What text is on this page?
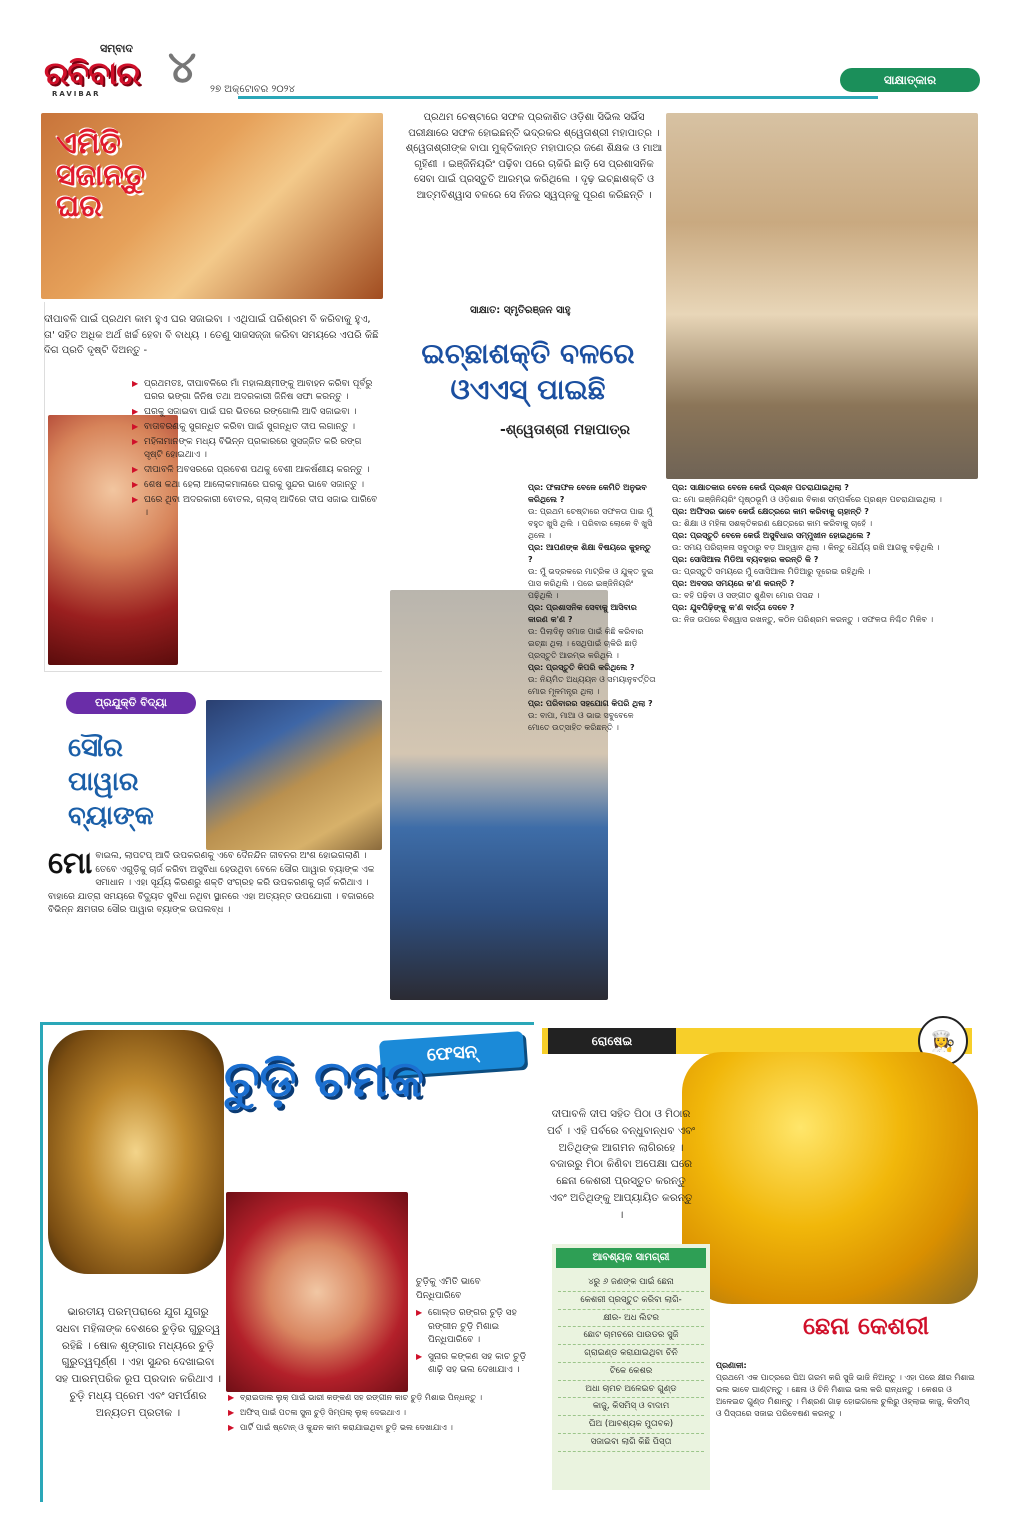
ସମ୍ବାଦ
ରବିବାର
RAVIBAR
୪ ୨୭ ଅକ୍ଟୋବର ୨୦୨୪
ସାକ୍ଷାତ୍‌କାର
ଏମିତି ସଜାନ୍ତୁ ଘର
ଦୀପାବଳି ପାଇଁ ପ୍ରଥମ କାମ ହୁଏ ଘର ସଜାଇବା । ଏଥିପାଇଁ ପରିଶ୍ରମ ବି କରିବାକୁ ହୁଏ, ତା' ସହିତ ଅଧିକ ଅର୍ଥ ଖର୍ଚ୍ଚ ହେବା ବି ବାଧ୍ୟ । ତେଣୁ ସାଜସଜ୍ଜା କରିବା ସମୟରେ ଏପରି କିଛି ଦିଗ ପ୍ରତି ଦୃଷ୍ଟି ଦିଅନ୍ତୁ -

▶ ପ୍ରଥମତଃ, ଦୀପାବଳିରେ ମାଁ ମହାଲକ୍ଷ୍ମୀଙ୍କୁ ଆବାହନ କରିବା ପୂର୍ବରୁ ଘରର ଭଙ୍ଗା ଜିନିଷ ତଥା ଅଦରକାରୀ ଜିନିଷ ସଫା କରନ୍ତୁ ।

▶ ଘରକୁ ସଜାଇବା ପାଇଁ ଘର ଭିତରେ ରଙ୍ଗୋଲି ଆଦି ସଜାଇବା ।

▶ ବାତାବରଣକୁ ସୁଗନ୍ଧିତ କରିବା ପାଇଁ ସୁଗନ୍ଧିତ ଦୀପ ଲଗାନ୍ତୁ ।

▶ ମହିଳାମାନଙ୍କ ମଧ୍ୟ ବିଭିନ୍ନ ପ୍ରକାରରେ ସୁସଜ୍ଜିତ କରି ରଙ୍ଗ ସୃଷ୍ଟି ହୋଇଥାଏ ।

▶ ଦୀପାବଳି ଅବସରରେ ପ୍ରବେଶ ପଥକୁ ବେଶୀ ଆକର୍ଷଣୀୟ କରନ୍ତୁ ।

▶ ଶେଷ କଥା ହେଲା ଆଲୋକମାଳାରେ ଘରକୁ ସୁନ୍ଦର ଭାବେ ସଜାନ୍ତୁ ।

▶ ଘରେ ଥିବା ଅଦରକାରୀ ବୋତଲ, ଗ୍ଲାସ୍ ଆଦିରେ ଦୀପ ସଜାଇ ପାରିବେ ।

ପ୍ରଯୁକ୍ତି ବିଦ୍ୟା
ସୌର ପାୱାର ବ୍ୟାଙ୍କ
ମୋ ବାଇଲ, ଲାପଟପ୍ ଆଦି ଉପକରଣକୁ ଏବେ ଦୈନନ୍ଦିନ ଜୀବନର ଅଂଶ ହୋଇଗଲାଣି । ତେବେ ଏଗୁଡ଼ିକୁ ଚାର୍ଜ କରିବା ଅସୁବିଧା ହେଉଥିବା ବେଳେ ସୌର ପାୱାର ବ୍ୟାଙ୍କ ଏକ ସମାଧାନ । ଏହା ସୂର୍ଯ୍ୟ କିରଣରୁ ଶକ୍ତି ସଂଗ୍ରହ କରି ଉପକରଣକୁ ଚାର୍ଜ କରିଥାଏ । ବାହାରେ ଯାତ୍ରା ସମୟରେ ବିଦ୍ୟୁତ ସୁବିଧା ନଥିବା ସ୍ଥାନରେ ଏହା ଅତ୍ୟନ୍ତ ଉପଯୋଗୀ । ବଜାରରେ ବିଭିନ୍ନ କ୍ଷମତାର ସୌର ପାୱାର ବ୍ୟାଙ୍କ ଉପଲବ୍ଧ ।
ପ୍ରଥମ ଚେଷ୍ଟାରେ ସଫଳ ପ୍ରକାଶିତ ଓଡ଼ିଶା ସିଭିଲ ସର୍ଭିସ ପରୀକ୍ଷାରେ ସଫଳ ହୋଇଛନ୍ତି ଭଦ୍ରକର ଶ୍ୱେତାଶ୍ରୀ ମହାପାତ୍ର । ଶ୍ୱେତାଶ୍ରୀଙ୍କ ବାପା ମୁକ୍ତିକାନ୍ତ ମହାପାତ୍ର ଜଣେ ଶିକ୍ଷକ ଓ ମାଆ ଗୃହିଣୀ । ଇଞ୍ଜିନିୟରିଂ ପଢ଼ିବା ପରେ ଚାକିରି ଛାଡ଼ି ସେ ପ୍ରଶାସନିକ ସେବା ପାଇଁ ପ୍ରସ୍ତୁତି ଆରମ୍ଭ କରିଥିଲେ । ଦୃଢ଼ ଇଚ୍ଛାଶକ୍ତି ଓ ଆତ୍ମବିଶ୍ୱାସ ବଳରେ ସେ ନିଜର ସ୍ୱପ୍ନକୁ ପୂରଣ କରିଛନ୍ତି ।
ସାକ୍ଷାତ: ସ୍ମୃତିରଞ୍ଜନ ସାହୁ
ଇଚ୍ଛାଶକ୍ତି ବଳରେ ଓଏଏସ୍ ପାଇଛି
-ଶ୍ୱେତାଶ୍ରୀ ମହାପାତ୍ର

ପ୍ର: ଫଳାଫଳ ବେଳେ କେମିତି ଅନୁଭବ କରିଥିଲେ ?

ଉ: ପ୍ରଥମ ଚେଷ୍ଟାରେ ସଫଳତା ପାଇ ମୁଁ ବହୁତ ଖୁସି ଥିଲି । ପରିବାର ଲୋକେ ବି ଖୁସି ଥିଲେ ।

ପ୍ର: ଆପଣଙ୍କ ଶିକ୍ଷା ବିଷୟରେ କୁହନ୍ତୁ ?

ଉ: ମୁଁ ଭଦ୍ରକରେ ମାଟ୍ରିକ ଓ ଯୁକ୍ତ ଦୁଇ ପାସ କରିଥିଲି । ପରେ ଇଞ୍ଜିନିୟରିଂ ପଢ଼ିଥିଲି ।

ପ୍ର: ପ୍ରଶାସନିକ ସେବାକୁ ଆସିବାର କାରଣ କ'ଣ ?

ଉ: ପିଲାଦିନୁ ସମାଜ ପାଇଁ କିଛି କରିବାର ଇଚ୍ଛା ଥିଲା । ସେଥିପାଇଁ ଚାକିରି ଛାଡ଼ି ପ୍ରସ୍ତୁତି ଆରମ୍ଭ କରିଥିଲି ।

ପ୍ର: ପ୍ରସ୍ତୁତି କିପରି କରିଥିଲେ ?

ଉ: ନିୟମିତ ଅଧ୍ୟୟନ ଓ ସମୟାନୁବର୍ତ୍ତିତା ମୋର ମୂଳମନ୍ତ୍ର ଥିଲା ।

ପ୍ର: ପରିବାରର ସହଯୋଗ କିପରି ଥିଲା ?

ଉ: ବାପା, ମାଆ ଓ ଭାଇ ସବୁବେଳେ ମୋତେ ଉତ୍ସାହିତ କରିଛନ୍ତି ।

ପ୍ର: ସାକ୍ଷାତକାର ବେଳେ କେଉଁ ପ୍ରଶ୍ନ ପଚରାଯାଇଥିଲା ?

ଉ: ମୋ ଇଞ୍ଜିନିୟରିଂ ପୃଷ୍ଠଭୂମି ଓ ଓଡ଼ିଶାର ବିକାଶ ସମ୍ପର୍କରେ ପ୍ରଶ୍ନ ପଚରାଯାଇଥିଲା ।

ପ୍ର: ଅଫିସର ଭାବେ କେଉଁ କ୍ଷେତ୍ରରେ କାମ କରିବାକୁ ଚାହାନ୍ତି ?

ଉ: ଶିକ୍ଷା ଓ ମହିଳା ସଶକ୍ତିକରଣ କ୍ଷେତ୍ରରେ କାମ କରିବାକୁ ଚାହେଁ ।

ପ୍ର: ପ୍ରସ୍ତୁତି ବେଳେ କେଉଁ ଅସୁବିଧାର ସମ୍ମୁଖୀନ ହୋଇଥିଲେ ?

ଉ: ସମୟ ପରିଚାଳନା ସବୁଠାରୁ ବଡ଼ ଆହ୍ୱାନ ଥିଲା । କିନ୍ତୁ ଧୈର୍ଯ୍ୟ ରଖି ଆଗକୁ ବଢ଼ିଥିଲି ।

ପ୍ର: ସୋସିଆଲ ମିଡିଆ ବ୍ୟବହାର କରନ୍ତି କି ?

ଉ: ପ୍ରସ୍ତୁତି ସମୟରେ ମୁଁ ସୋସିଆଲ ମିଡିଆରୁ ଦୂରେଇ ରହିଥିଲି ।

ପ୍ର: ଅବସର ସମୟରେ କ'ଣ କରନ୍ତି ?

ଉ: ବହି ପଢ଼ିବା ଓ ସଙ୍ଗୀତ ଶୁଣିବା ମୋର ପସନ୍ଦ ।

ପ୍ର: ଯୁବପିଢ଼ିଙ୍କୁ କ'ଣ ବାର୍ତ୍ତା ଦେବେ ?

ଉ: ନିଜ ଉପରେ ବିଶ୍ୱାସ ରଖନ୍ତୁ, କଠିନ ପରିଶ୍ରମ କରନ୍ତୁ । ସଫଳତା ନିଶ୍ଚିତ ମିଳିବ ।

ଫେସନ୍
ଚୁଡ଼ି ଚମକ

ଚୁଡ଼ିକୁ ଏମିତି ଭାବେ ପିନ୍ଧିପାରିବେ

▶ ଗୋଲ୍ଡ ରଙ୍ଗର ଚୁଡ଼ି ସହ ରଙ୍ଗୀନ ଚୁଡ଼ି ମିଶାଇ ପିନ୍ଧିପାରିବେ ।

▶ ସୁନାର କଙ୍କଣ ସହ କାଚ ଚୁଡ଼ି ଶାଢ଼ି ସହ ଭଲ ଦେଖାଯାଏ ।

ଭାରତୀୟ ପରମ୍ପରାରେ ଯୁଗ ଯୁଗରୁ ସଧବା ମହିଳାଙ୍କ ବେଶରେ ଚୁଡ଼ିର ଗୁରୁତ୍ୱ ରହିଛି । ଷୋଳ ଶୃଙ୍ଗାର ମଧ୍ୟରେ ଚୁଡ଼ି ଗୁରୁତ୍ୱପୂର୍ଣ୍ଣ । ଏହା ସୁନ୍ଦର ଦେଖାଇବା ସହ ପାରମ୍ପରିକ ରୂପ ପ୍ରଦାନ କରିଥାଏ । ଚୁଡ଼ି ମଧ୍ୟ ପ୍ରେମ ଏବଂ ସମର୍ପଣର ଅନ୍ୟତମ ପ୍ରତୀକ ।

▶ ବ୍ରାଇଡାଲ ଲୁକ୍ ପାଇଁ ଭାରୀ କଙ୍କଣ ସହ ରଙ୍ଗୀନ କାଚ ଚୁଡ଼ି ମିଶାଇ ପିନ୍ଧନ୍ତୁ ।

▶ ଅଫିସ୍ ପାଇଁ ପତଳା ସୁନା ଚୁଡ଼ି ସିମ୍ପଲ୍ ଲୁକ୍ ଦେଇଥାଏ ।

▶ ପାର୍ଟି ପାଇଁ ଷ୍ଟୋନ୍ ଓ କୁନ୍ଦନ କାମ କରାଯାଇଥିବା ଚୁଡ଼ି ଭଲ ଦେଖାଯାଏ ।

ରୋଷେଇ	👩‍🍳
ଦୀପାବଳି ଦୀପ ସହିତ ପିଠା ଓ ମିଠାର ପର୍ବ । ଏହି ପର୍ବରେ ବନ୍ଧୁବାନ୍ଧବ ଏବଂ ଅତିଥିଙ୍କ ଆଗମନ ଲାଗିରହେ । ବଜାରରୁ ମିଠା କିଣିବା ଅପେକ୍ଷା ଘରେ ଛେନା କେଶରୀ ପ୍ରସ୍ତୁତ କରନ୍ତୁ ଏବଂ ଅତିଥିଙ୍କୁ ଆପ୍ୟାୟିତ କରନ୍ତୁ ।
ଆବଶ୍ୟକ ସାମଗ୍ରୀ
୪ରୁ ୬ ଜଣଙ୍କ ପାଇଁ ଛେନା
କେଶରୀ ପ୍ରସ୍ତୁତ କରିବା ଲାଗି-
କ୍ଷୀର- ଅଧ ଲିଟର
ଛୋଟ ଚାମଚରେ ପାଉଡର ସୁଜି
ଗ୍ରାଇଣ୍ଡ କରାଯାଇଥିବା ଚିନି
ଟିକେ କେଶର
ଅଧା ଚାମଚ ଅଳେଇଚ ଗୁଣ୍ଡ
କାଜୁ, କିସମିସ୍ ଓ ବାଦାମ
ଘିଅ (ଆବଶ୍ୟକ ମୁତାବକ)
ସଜାଇବା ଲାଗି କିଛି ପିସ୍ତା
ଛେନା କେଶରୀ

ପ୍ରଣାଳୀ:

ପ୍ରଥମେ ଏକ ପାତ୍ରରେ ଘିଅ ଗରମ କରି ସୁଜି ଭାଜି ନିଅନ୍ତୁ । ଏହା ପରେ କ୍ଷୀର ମିଶାଇ ଭଲ ଭାବେ ଘାଣ୍ଟନ୍ତୁ । ଛେନା ଓ ଚିନି ମିଶାଇ ଭଲ କରି ରାନ୍ଧନ୍ତୁ । କେଶର ଓ ଅଳେଇଚ ଗୁଣ୍ଡ ମିଶାନ୍ତୁ । ମିଶ୍ରଣ ଗାଢ଼ ହୋଇଗଲେ ଚୁଲିରୁ ଓହ୍ଲାଇ କାଜୁ, କିସମିସ୍ ଓ ପିସ୍ତାରେ ସଜାଇ ପରିବେଷଣ କରନ୍ତୁ ।
